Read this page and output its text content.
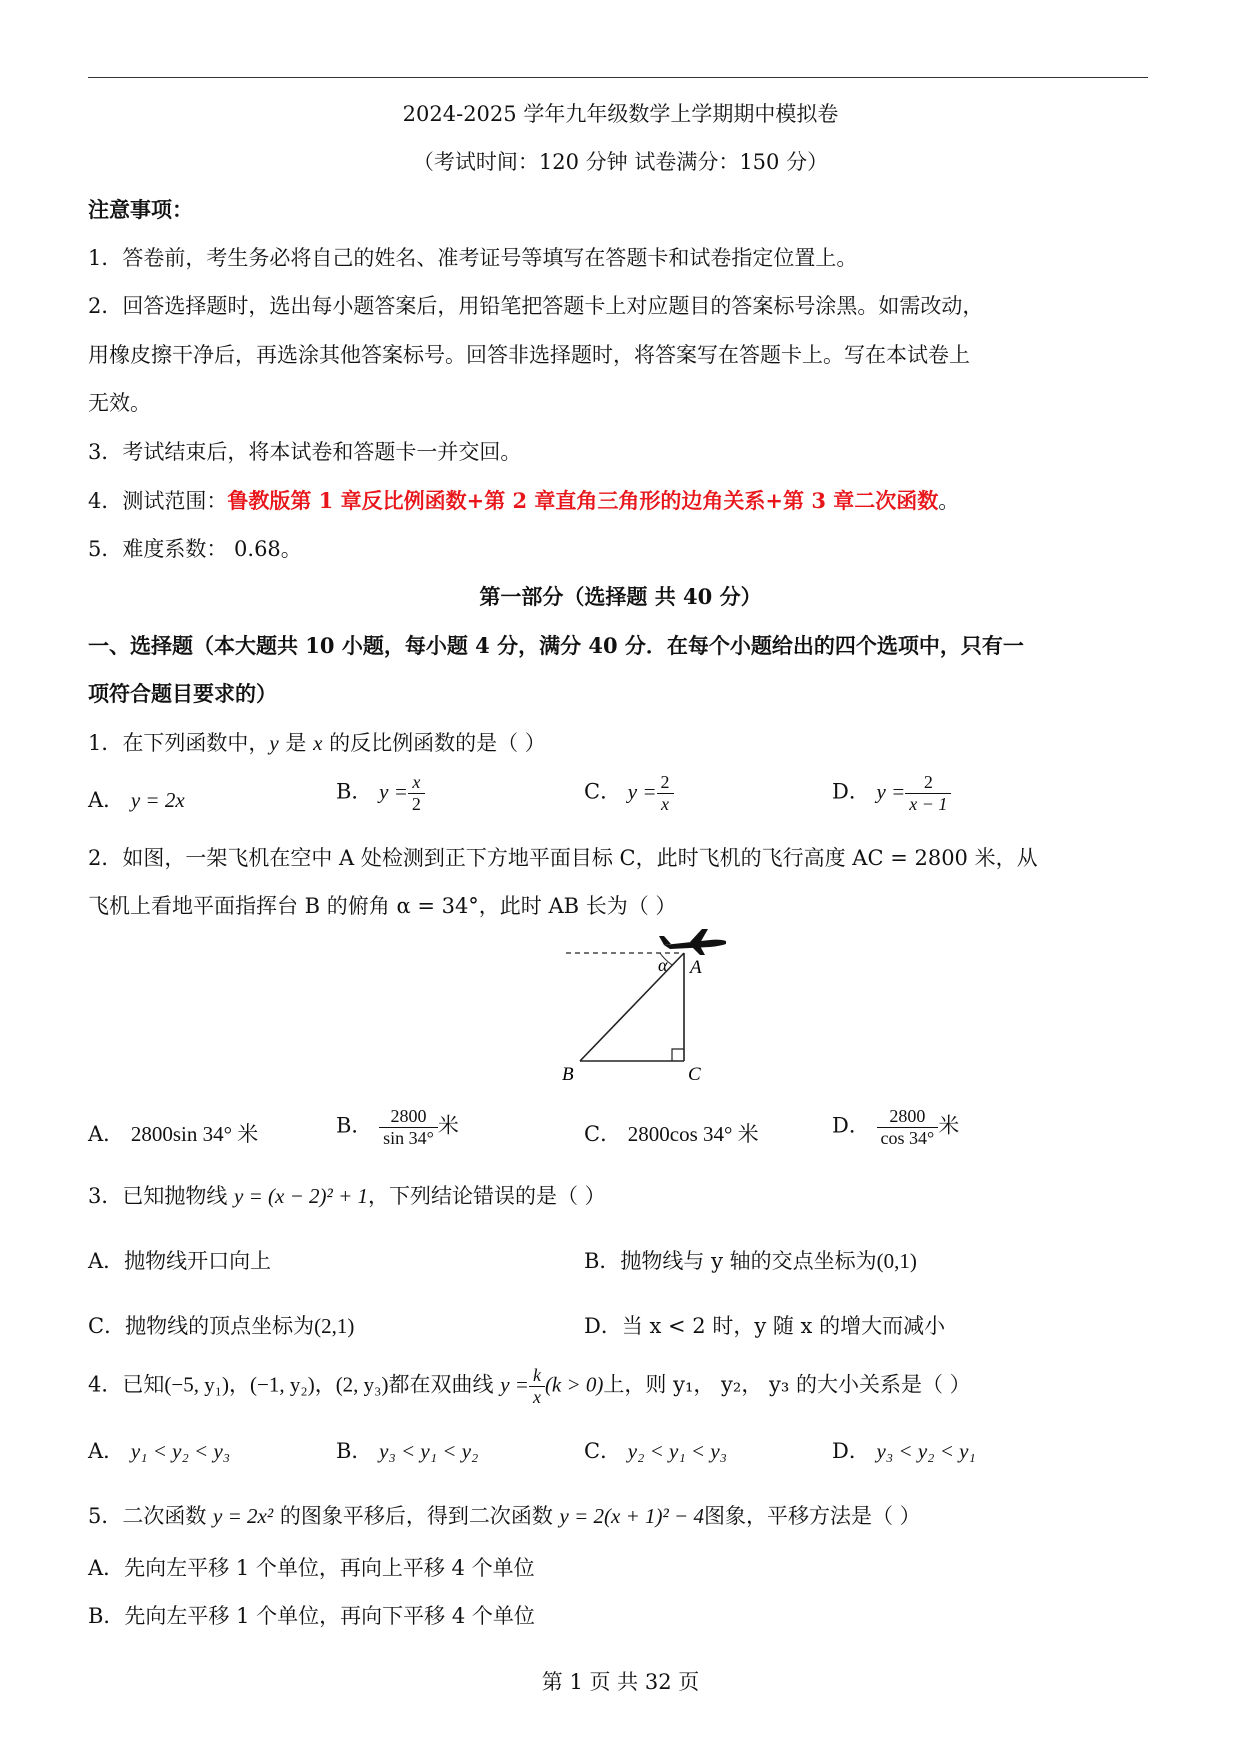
2024-2025 学年九年级数学上学期期中模拟卷
（考试时间：120 分钟 试卷满分：150 分）
注意事项：
1．答卷前，考生务必将自己的姓名、准考证号等填写在答题卡和试卷指定位置上。
2．回答选择题时，选出每小题答案后，用铅笔把答题卡上对应题目的答案标号涂黑。如需改动，
用橡皮擦干净后，再选涂其他答案标号。回答非选择题时，将答案写在答题卡上。写在本试卷上
无效。
3．考试结束后，将本试卷和答题卡一并交回。
4．测试范围：鲁教版第 1 章反比例函数+第 2 章直角三角形的边角关系+第 3 章二次函数。
5．难度系数： 0.68。
第一部分（选择题 共 40 分）
一、选择题（本大题共 10 小题，每小题 4 分，满分 40 分．在每个小题给出的四个选项中，只有一
项符合题目要求的）
1．在下列函数中，y 是 x 的反比例函数的是（ ）
A． y = 2x	B． $y = \frac{x}{2}$	C． $y = \frac{2}{x}$	D． $y = \frac{2}{x - 1}$
2．如图，一架飞机在空中 A 处检测到正下方地平面目标 C，此时飞机的飞行高度 AC = 2800 米，从
飞机上看地平面指挥台 B 的俯角 α = 34°，此时 AB 长为（ ）
A
B	C
α
A． 2800sin 34° 米	B． $\frac{2800}{\sin 34^\circ}$ 米	C． 2800cos 34° 米	D． $\frac{2800}{\cos 34^\circ}$ 米
3．已知抛物线 y = (x − 2)² + 1，下列结论错误的是（ ）
A．抛物线开口向上	B．抛物线与 y 轴的交点坐标为(0,1)
C．抛物线的顶点坐标为(2,1)	D．当 x < 2 时，y 随 x 的增大而减小
4．已知(−5, y₁)，(−1, y₂)，(2, y₃)都在双曲线 $y = \frac{k}{x} (k > 0)$上，则 y₁， y₂， y₃ 的大小关系是（ ）
A． y₁ < y₂ < y₃	B． y₃ < y₁ < y₂	C． y₂ < y₁ < y₃	D． y₃ < y₂ < y₁
5．二次函数 y = 2x² 的图象平移后，得到二次函数 y = 2(x + 1)² − 4图象，平移方法是（ ）
A．先向左平移 1 个单位，再向上平移 4 个单位
B．先向左平移 1 个单位，再向下平移 4 个单位
第 1 页 共 32 页
